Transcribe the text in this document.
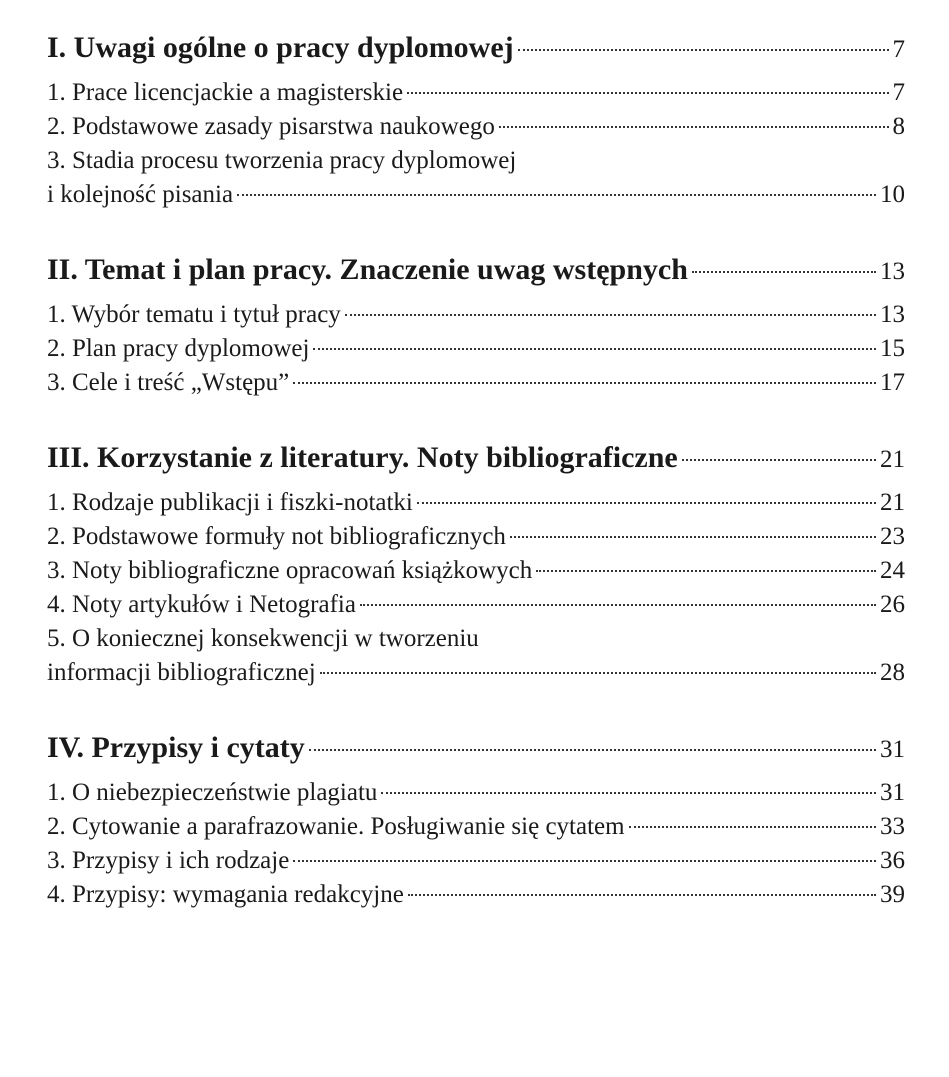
I. Uwagi ogólne o pracy dyplomowej	7
1. Prace licencjackie a magisterskie	7
2. Podstawowe zasady pisarstwa naukowego	8
3. Stadia procesu tworzenia pracy dyplomowej
i kolejność pisania	10
II. Temat i plan pracy. Znaczenie uwag wstępnych	13
1. Wybór tematu i tytuł pracy	13
2. Plan pracy dyplomowej	15
3. Cele i treść „Wstępu”	17
III. Korzystanie z literatury. Noty bibliograficzne	21
1. Rodzaje publikacji i fiszki-notatki	21
2. Podstawowe formuły not bibliograficznych	23
3. Noty bibliograficzne opracowań książkowych	24
4. Noty artykułów i Netografia	26
5. O koniecznej konsekwencji w tworzeniu
informacji bibliograficznej	28
IV. Przypisy i cytaty	31
1. O niebezpieczeństwie plagiatu	31
2. Cytowanie a parafrazowanie. Posługiwanie się cytatem	33
3. Przypisy i ich rodzaje	36
4. Przypisy: wymagania redakcyjne	39
